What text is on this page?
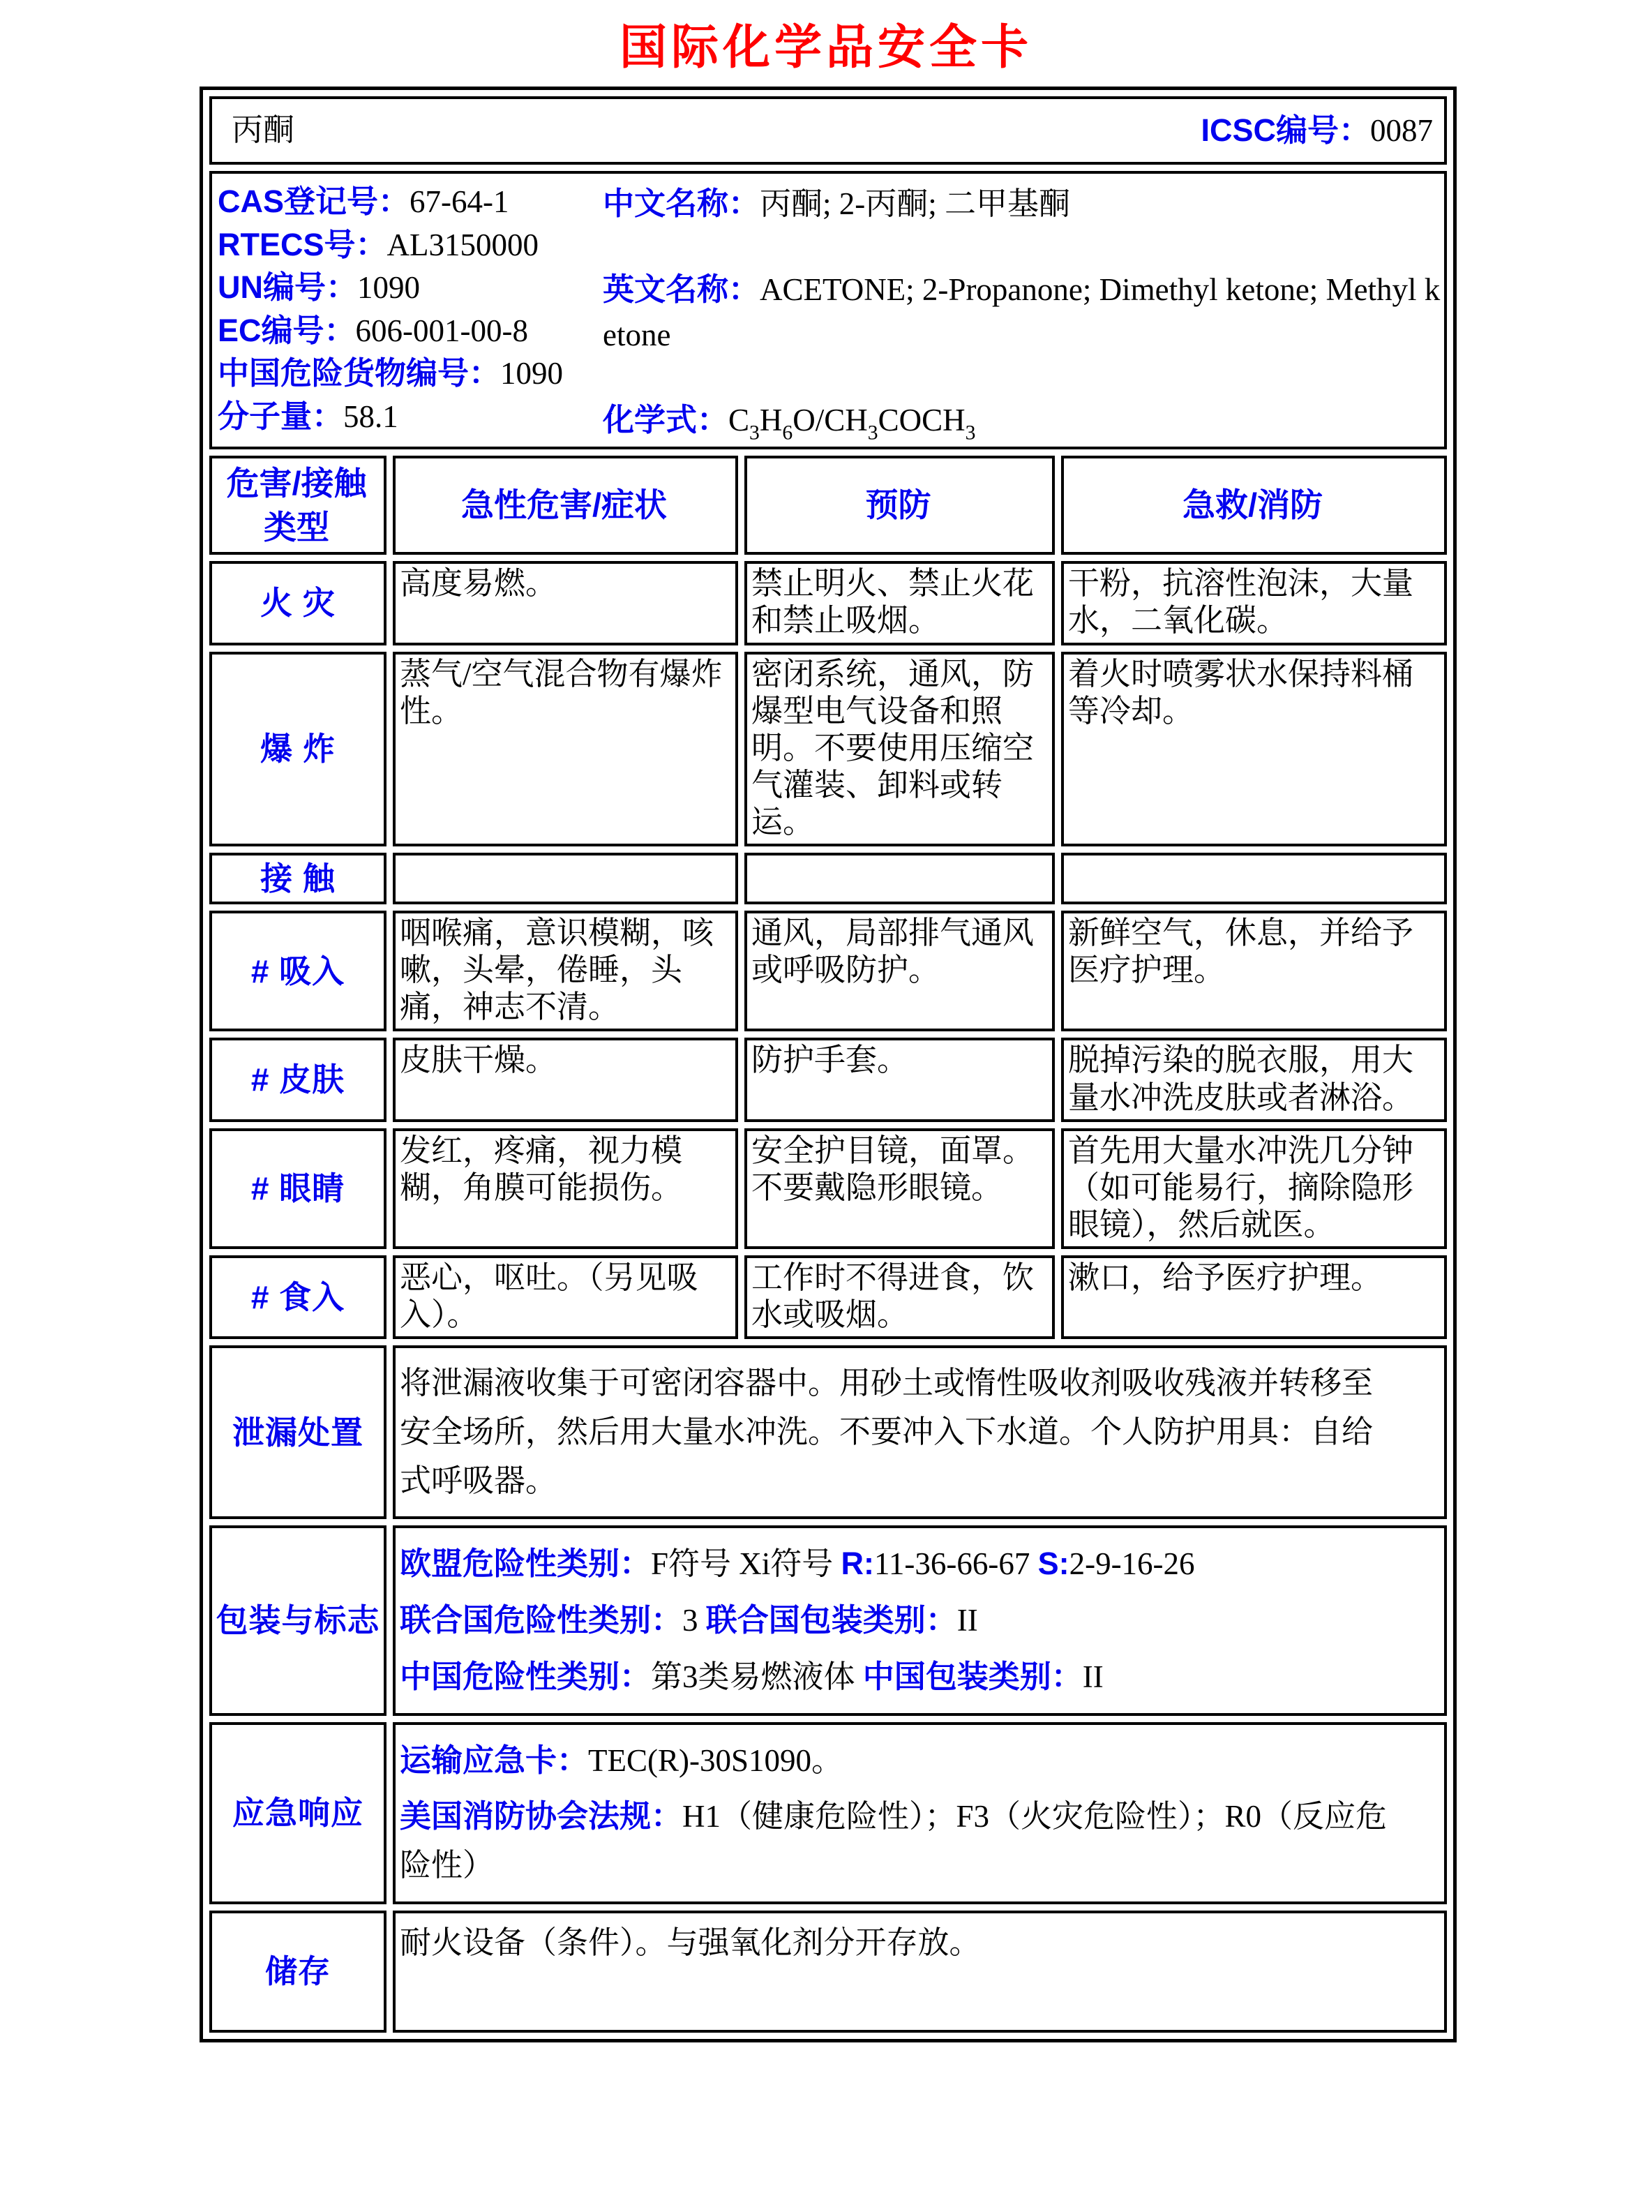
国际化学品安全卡
丙酮 ICSC编号：0087			

CAS登记号：67-64-1
RTECS号：AL3150000
UN编号：1090
EC编号：606-001-00-8
中国危险货物编号：1090
分子量：58.1
中文名称：丙酮; 2-丙酮; 二甲基酮
英文名称：ACETONE; 2-Propanone; Dimethyl ketone; Methyl ketone
化学式：$C_3H_6O/CH_3COCH_3$

危害/接触
类型	急性危害/症状	预防	急救/消防
火 灾	高度易燃。	禁止明火、禁止火花和禁止吸烟。	干粉，抗溶性泡沫，大量水，二氧化碳。
爆 炸	蒸气/空气混合物有爆炸性。	密闭系统，通风，防爆型电气设备和照明。不要使用压缩空气灌装、卸料或转运。	着火时喷雾状水保持料桶等冷却。
接 触			
# 吸入	咽喉痛，意识模糊，咳嗽，头晕，倦睡，头痛，神志不清。	通风，局部排气通风或呼吸防护。	新鲜空气，休息，并给予医疗护理。
# 皮肤	皮肤干燥。	防护手套。	脱掉污染的脱衣服，用大量水冲洗皮肤或者淋浴。
# 眼睛	发红，疼痛，视力模糊，角膜可能损伤。	安全护目镜，面罩。不要戴隐形眼镜。	首先用大量水冲洗几分钟（如可能易行，摘除隐形眼镜），然后就医。
# 食入	恶心，呕吐。（另见吸入）。	工作时不得进食，饮水或吸烟。	漱口，给予医疗护理。
泄漏处置	将泄漏液收集于可密闭容器中。用砂土或惰性吸收剂吸收残液并转移至安全场所，然后用大量水冲洗。不要冲入下水道。个人防护用具：自给式呼吸器。		

包装与标志	欧盟危险性类别：F符号 Xi符号 R:11-36-66-67 S:2-9-16-26
联合国危险性类别：3 联合国包装类别：II
中国危险性类别：第3类易燃液体 中国包装类别：II		

应急响应	运输应急卡：TEC(R)-30S1090。
美国消防协会法规：H1（健康危险性）；F3（火灾危险性）；R0（反应危险性）		

储存	耐火设备（条件）。与强氧化剂分开存放。		
